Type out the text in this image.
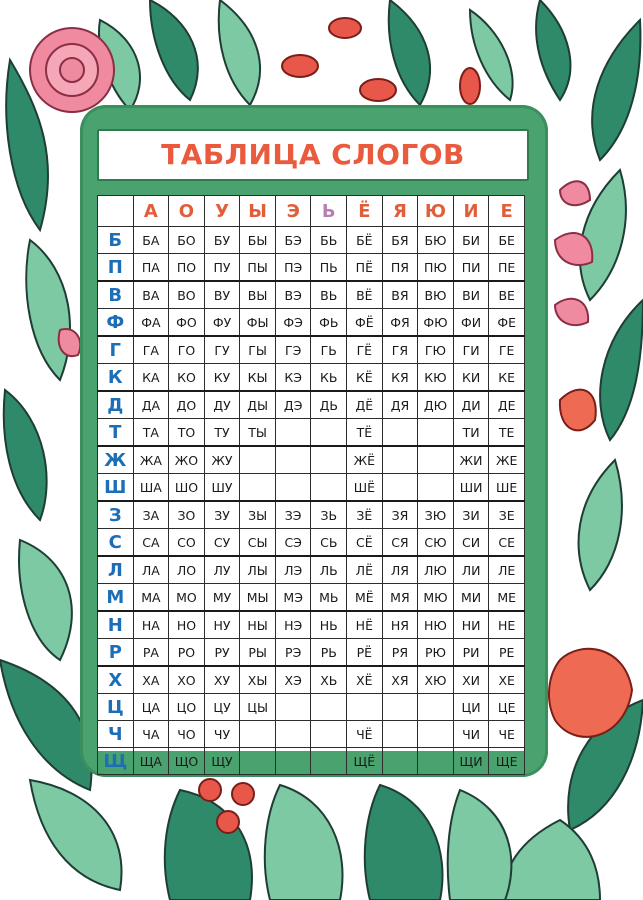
ТАБЛИЦА СЛОГОВ
	А	О	У	Ы	Э	Ь	Ё	Я	Ю	И	Е
Б	БА	БО	БУ	БЫ	БЭ	БЬ	БЁ	БЯ	БЮ	БИ	БЕ
П	ПА	ПО	ПУ	ПЫ	ПЭ	ПЬ	ПЁ	ПЯ	ПЮ	ПИ	ПЕ
В	ВА	ВО	ВУ	ВЫ	ВЭ	ВЬ	ВЁ	ВЯ	ВЮ	ВИ	ВЕ
Ф	ФА	ФО	ФУ	ФЫ	ФЭ	ФЬ	ФЁ	ФЯ	ФЮ	ФИ	ФЕ
Г	ГА	ГО	ГУ	ГЫ	ГЭ	ГЬ	ГЁ	ГЯ	ГЮ	ГИ	ГЕ
К	КА	КО	КУ	КЫ	КЭ	КЬ	КЁ	КЯ	КЮ	КИ	КЕ
Д	ДА	ДО	ДУ	ДЫ	ДЭ	ДЬ	ДЁ	ДЯ	ДЮ	ДИ	ДЕ
Т	ТА	ТО	ТУ	ТЫ			ТЁ			ТИ	ТЕ
Ж	ЖА	ЖО	ЖУ				ЖЁ			ЖИ	ЖЕ
Ш	ША	ШО	ШУ				ШЁ			ШИ	ШЕ
З	ЗА	ЗО	ЗУ	ЗЫ	ЗЭ	ЗЬ	ЗЁ	ЗЯ	ЗЮ	ЗИ	ЗЕ
С	СА	СО	СУ	СЫ	СЭ	СЬ	СЁ	СЯ	СЮ	СИ	СЕ
Л	ЛА	ЛО	ЛУ	ЛЫ	ЛЭ	ЛЬ	ЛЁ	ЛЯ	ЛЮ	ЛИ	ЛЕ
М	МА	МО	МУ	МЫ	МЭ	МЬ	МЁ	МЯ	МЮ	МИ	МЕ
Н	НА	НО	НУ	НЫ	НЭ	НЬ	НЁ	НЯ	НЮ	НИ	НЕ
Р	РА	РО	РУ	РЫ	РЭ	РЬ	РЁ	РЯ	РЮ	РИ	РЕ
Х	ХА	ХО	ХУ	ХЫ	ХЭ	ХЬ	ХЁ	ХЯ	ХЮ	ХИ	ХЕ
Ц	ЦА	ЦО	ЦУ	ЦЫ						ЦИ	ЦЕ
Ч	ЧА	ЧО	ЧУ				ЧЁ			ЧИ	ЧЕ
Щ	ЩА	ЩО	ЩУ				ЩЁ			ЩИ	ЩЕ
